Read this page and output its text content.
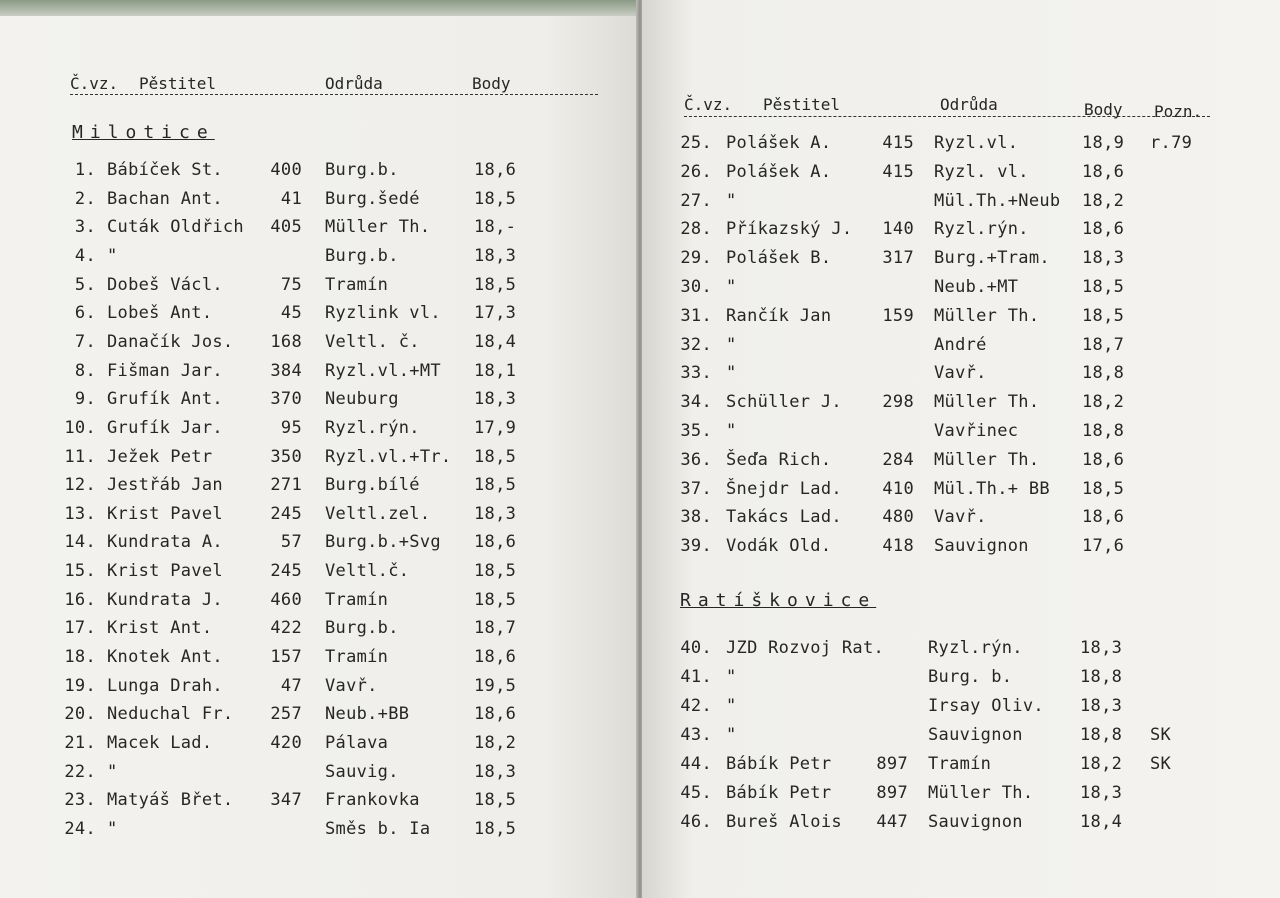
Č.vz. Pěstitel	Odrůda	Body
Milotice
1. Bábíček St.	400 Burg.b.	18,6
2. Bachan Ant.	41 Burg.šedé	18,5
3. Cuták Oldřich	405 Müller Th.	18,-
4. "	Burg.b.	18,3
5. Dobeš Václ.	75 Tramín	18,5
6. Lobeš Ant.	45 Ryzlink vl. 17,3
7. Danačík Jos.	168 Veltl. č.	18,4
8. Fišman Jar.	384 Ryzl.vl.+MT 18,1
9. Grufík Ant.	370 Neuburg	18,3
10. Grufík Jar.	95 Ryzl.rýn.	17,9
11. Ježek Petr	350 Ryzl.vl.+Tr. 18,5
12. Jestřáb Jan	271 Burg.bílé	18,5
13. Krist Pavel	245 Veltl.zel.	18,3
14. Kundrata A.	57 Burg.b.+Svg 18,6
15. Krist Pavel	245 Veltl.č.	18,5
16. Kundrata J.	460 Tramín	18,5
17. Krist Ant.	422 Burg.b.	18,7
18. Knotek Ant.	157 Tramín	18,6
19. Lunga Drah.	47 Vavř.	19,5
20. Neduchal Fr.	257 Neub.+BB	18,6
21. Macek Lad.	420 Pálava	18,2
22. "	Sauvig.	18,3
23. Matyáš Břet.	347 Frankovka	18,5
24. "	Směs b. Ia	18,5
Č.vz. Pěstitel	Odrůda	Body Pozn.
Ratíškovice
25. Polášek A.	415 Ryzl.vl.	18,9 r.79
26. Polášek A.	415 Ryzl. vl.	18,6
27. "	Mül.Th.+Neub 18,2
28. Příkazský J.	140 Ryzl.rýn.	18,6
29. Polášek B.	317 Burg.+Tram. 18,3
30. "	Neub.+MT	18,5
31. Rančík Jan	159 Müller Th.	18,5
32. "	André	18,7
33. "	Vavř.	18,8
34. Schüller J.	298 Müller Th.	18,2
35. "	Vavřinec	18,8
36. Šeďa Rich.	284 Müller Th.	18,6
37. Šnejdr Lad.	410 Mül.Th.+ BB 18,5
38. Takács Lad.	480 Vavř.	18,6
39. Vodák Old.	418 Sauvignon	17,6
40. JZD Rozvoj Rat.	Ryzl.rýn.	18,3
41. "	Burg. b.	18,8
42. "	Irsay Oliv. 18,3
43. "	Sauvignon	18,8 SK
44. Bábík Petr	897 Tramín	18,2 SK
45. Bábík Petr	897 Müller Th.	18,3
46. Bureš Alois	447 Sauvignon	18,4
